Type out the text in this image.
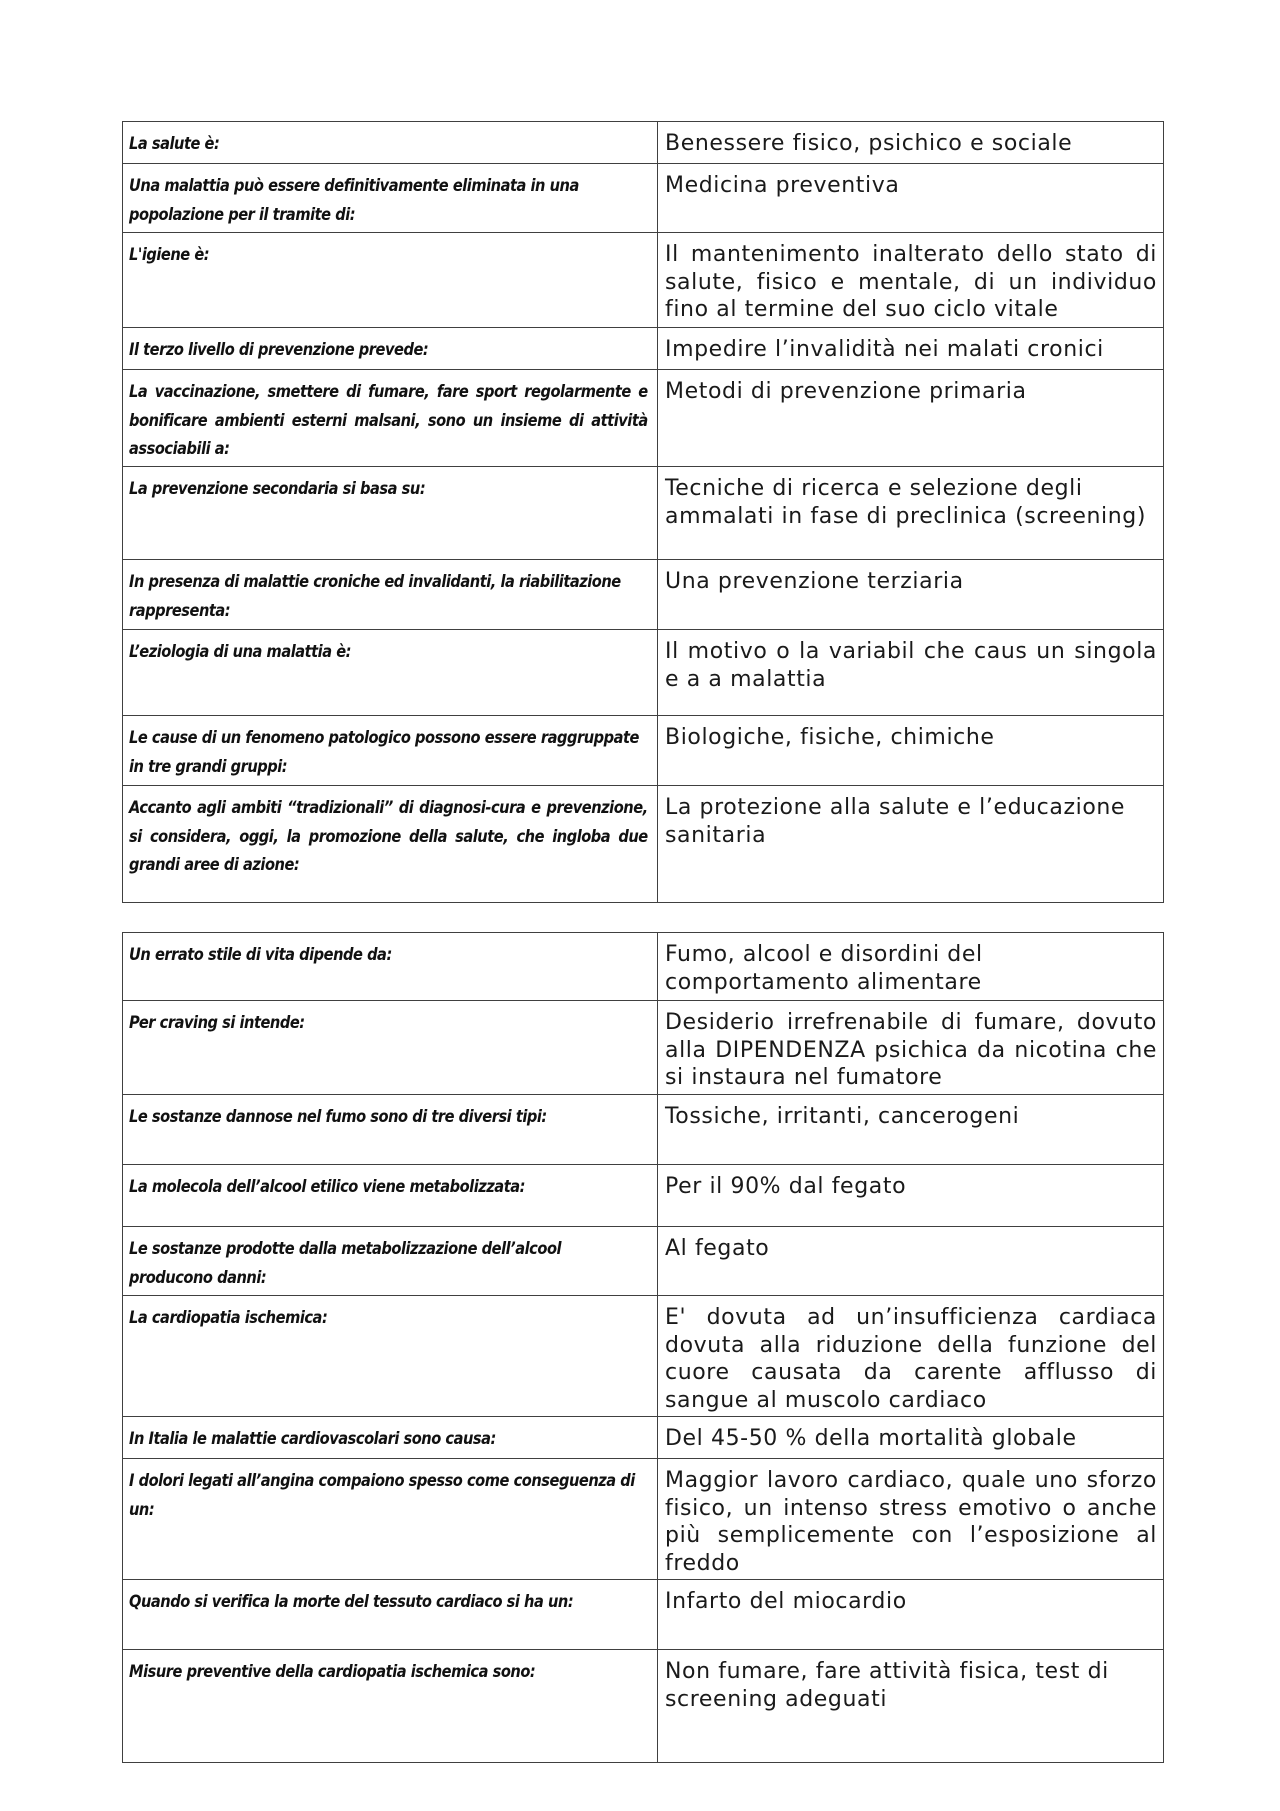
La salute è:	Benessere fisico, psichico e sociale
Una malattia può essere definitivamente eliminata in una popolazione per il tramite di:	Medicina preventiva
L'igiene è:	Il mantenimento inalterato dello stato di salute, fisico e mentale, di un individuo fino al termine del suo ciclo vitale
Il terzo livello di prevenzione prevede:	Impedire l’invalidità nei malati cronici
La vaccinazione, smettere di fumare, fare sport regolarmente e bonificare ambienti esterni malsani, sono un insieme di attività associabili a:	Metodi di prevenzione primaria
La prevenzione secondaria si basa su:	Tecniche di ricerca e selezione degli ammalati in fase di preclinica (screening)
In presenza di malattie croniche ed invalidanti, la riabilitazione rappresenta:	Una prevenzione terziaria
L’eziologia di una malattia è:	Il motivo o la variabil che caus un singola e a a malattia
Le cause di un fenomeno patologico possono essere raggruppate in tre grandi gruppi:	Biologiche, fisiche, chimiche
Accanto agli ambiti “tradizionali” di diagnosi-cura e prevenzione, si considera, oggi, la promozione della salute, che ingloba due grandi aree di azione:	La protezione alla salute e l’educazione sanitaria
Un errato stile di vita dipende da:	Fumo, alcool e disordini del comportamento alimentare
Per craving si intende:	Desiderio irrefrenabile di fumare, dovuto alla DIPENDENZA psichica da nicotina che si instaura nel fumatore
Le sostanze dannose nel fumo sono di tre diversi tipi:	Tossiche, irritanti, cancerogeni
La molecola dell’alcool etilico viene metabolizzata:	Per il 90% dal fegato
Le sostanze prodotte dalla metabolizzazione dell’alcool producono danni:	Al fegato
La cardiopatia ischemica:	E' dovuta ad un’insufficienza cardiaca dovuta alla riduzione della funzione del cuore causata da carente afflusso di sangue al muscolo cardiaco
In Italia le malattie cardiovascolari sono causa:	Del 45-50 % della mortalità globale
I dolori legati all’angina compaiono spesso come conseguenza di un:	Maggior lavoro cardiaco, quale uno sforzo fisico, un intenso stress emotivo o anche più semplicemente con l’esposizione al freddo
Quando si verifica la morte del tessuto cardiaco si ha un:	Infarto del miocardio
Misure preventive della cardiopatia ischemica sono:	Non fumare, fare attività fisica, test di screening adeguati
